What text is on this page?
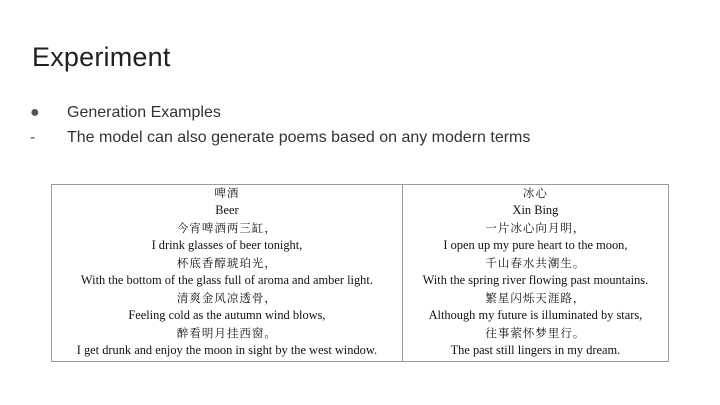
Experiment
●	Generation Examples
-	The model can also generate poems based on any modern terms
啤酒
Beer
今宵啤酒两三缸，
I drink glasses of beer tonight,
杯底香醇琥珀光，
With the bottom of the glass full of aroma and amber light.
清爽金风凉透骨，
Feeling cold as the autumn wind blows,
醉看明月挂西窗。
I get drunk and enjoy the moon in sight by the west window.
冰心
Xin Bing
一片冰心向月明，
I open up my pure heart to the moon,
千山春水共潮生。
With the spring river flowing past mountains.
繁星闪烁天涯路，
Although my future is illuminated by stars,
往事萦怀梦里行。
The past still lingers in my dream.
